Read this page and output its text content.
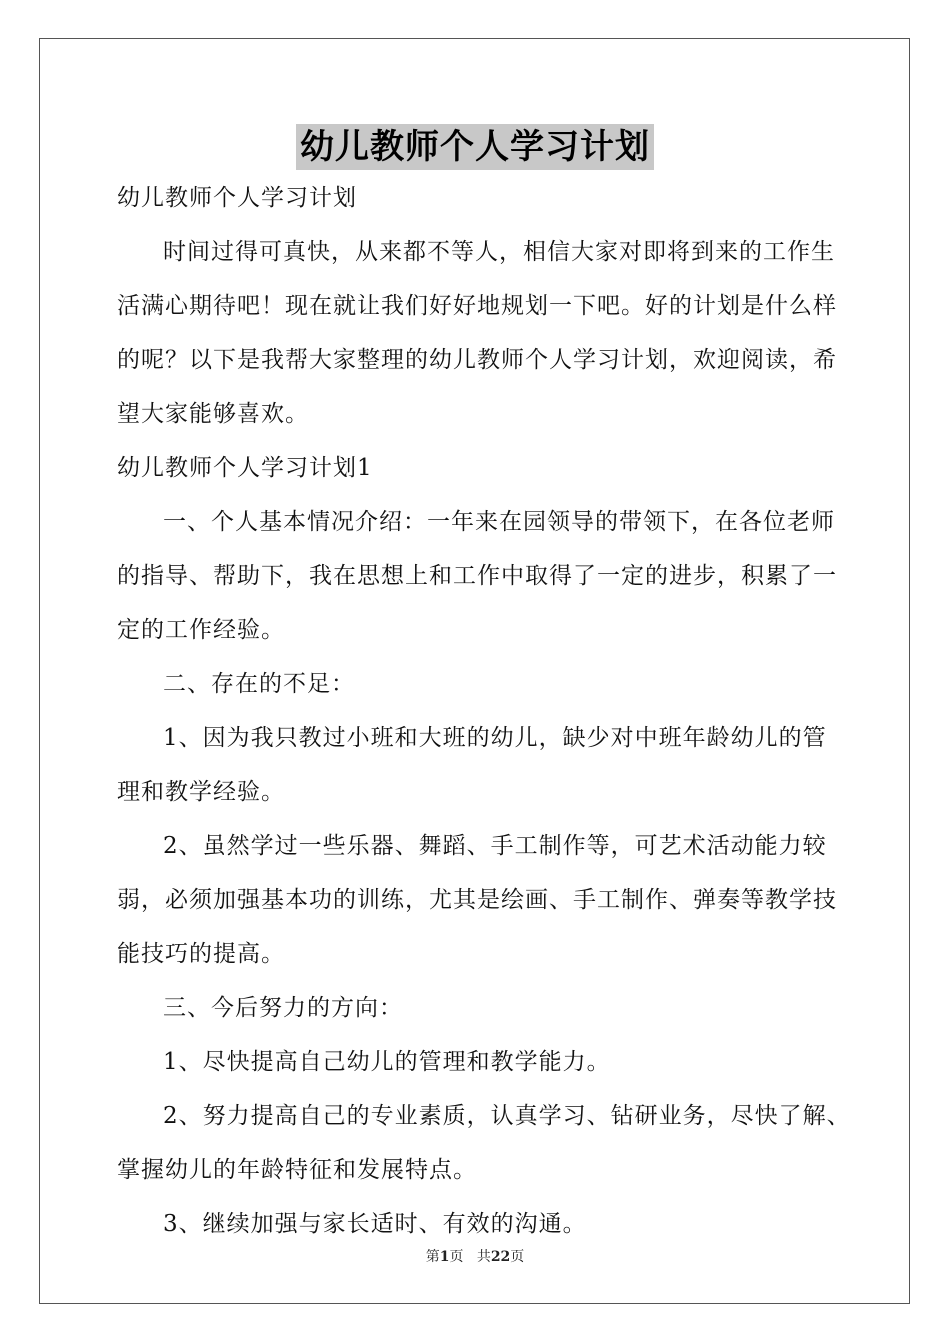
幼儿教师个人学习计划
幼儿教师个人学习计划
时间过得可真快，从来都不等人，相信大家对即将到来的工作生
活满心期待吧！现在就让我们好好地规划一下吧。好的计划是什么样
的呢？以下是我帮大家整理的幼儿教师个人学习计划，欢迎阅读，希
望大家能够喜欢。
幼儿教师个人学习计划1
一、个人基本情况介绍：一年来在园领导的带领下，在各位老师
的指导、帮助下，我在思想上和工作中取得了一定的进步，积累了一
定的工作经验。
二、存在的不足：
1、因为我只教过小班和大班的幼儿，缺少对中班年龄幼儿的管
理和教学经验。
2、虽然学过一些乐器、舞蹈、手工制作等，可艺术活动能力较
弱，必须加强基本功的训练，尤其是绘画、手工制作、弹奏等教学技
能技巧的提高。
三、今后努力的方向：
1、尽快提高自己幼儿的管理和教学能力。
2、努力提高自己的专业素质，认真学习、钻研业务，尽快了解、
掌握幼儿的年龄特征和发展特点。
3、继续加强与家长适时、有效的沟通。
第1页 共22页
